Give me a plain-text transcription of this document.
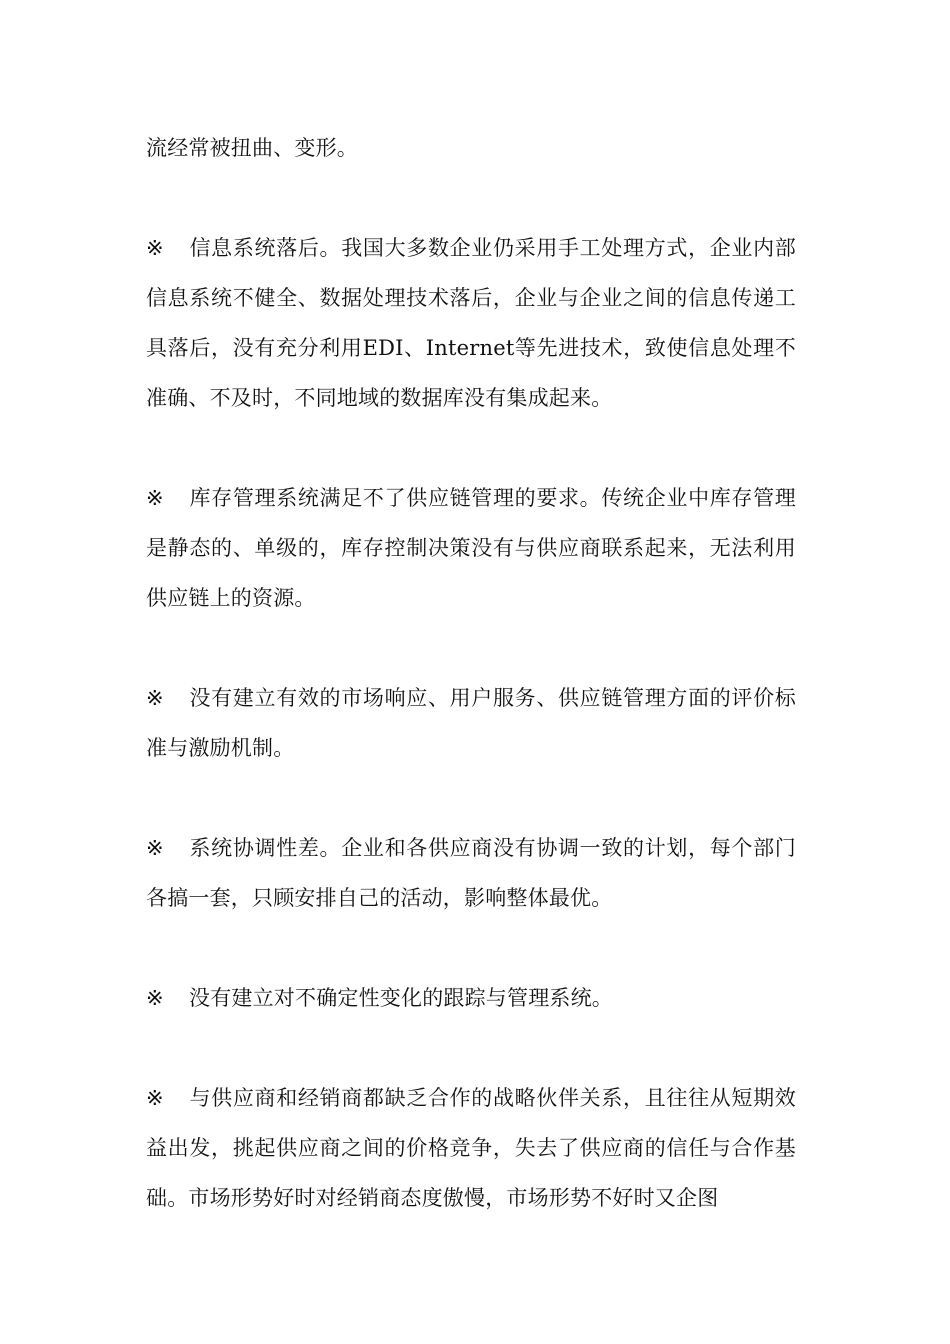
流经常被扭曲、变形。

※ 信息系统落后。我国大多数企业仍采用手工处理方式，企业内部信息系统不健全、数据处理技术落后，企业与企业之间的信息传递工具落后，没有充分利用EDI、Internet等先进技术，致使信息处理不准确、不及时，不同地域的数据库没有集成起来。

※ 库存管理系统满足不了供应链管理的要求。传统企业中库存管理是静态的、单级的，库存控制决策没有与供应商联系起来，无法利用供应链上的资源。

※ 没有建立有效的市场响应、用户服务、供应链管理方面的评价标准与激励机制。

※ 系统协调性差。企业和各供应商没有协调一致的计划，每个部门各搞一套，只顾安排自己的活动，影响整体最优。

※ 没有建立对不确定性变化的跟踪与管理系统。

※ 与供应商和经销商都缺乏合作的战略伙伴关系，且往往从短期效益出发，挑起供应商之间的价格竞争，失去了供应商的信任与合作基础。市场形势好时对经销商态度傲慢，市场形势不好时又企图
